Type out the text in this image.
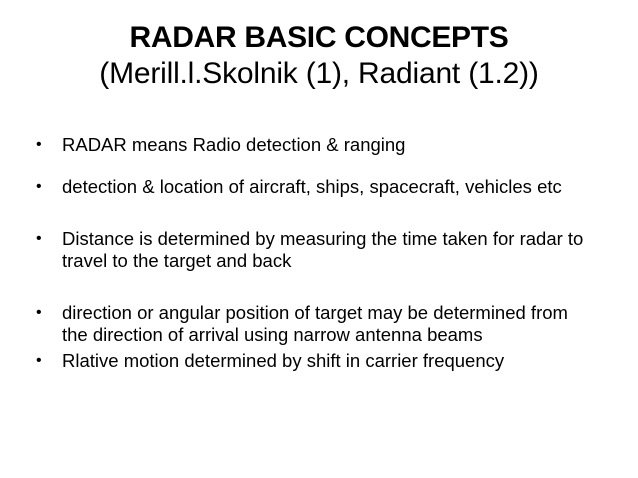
RADAR BASIC CONCEPTS
(Merill.l.Skolnik (1), Radiant (1.2))
•	RADAR means Radio detection & ranging
•	detection & location of aircraft, ships, spacecraft, vehicles etc
•	Distance is determined by measuring the time taken for radar to travel to the target and back
•	direction or angular position of target may be determined from the direction of arrival using narrow antenna beams
•	Rlative motion determined by shift in carrier frequency
